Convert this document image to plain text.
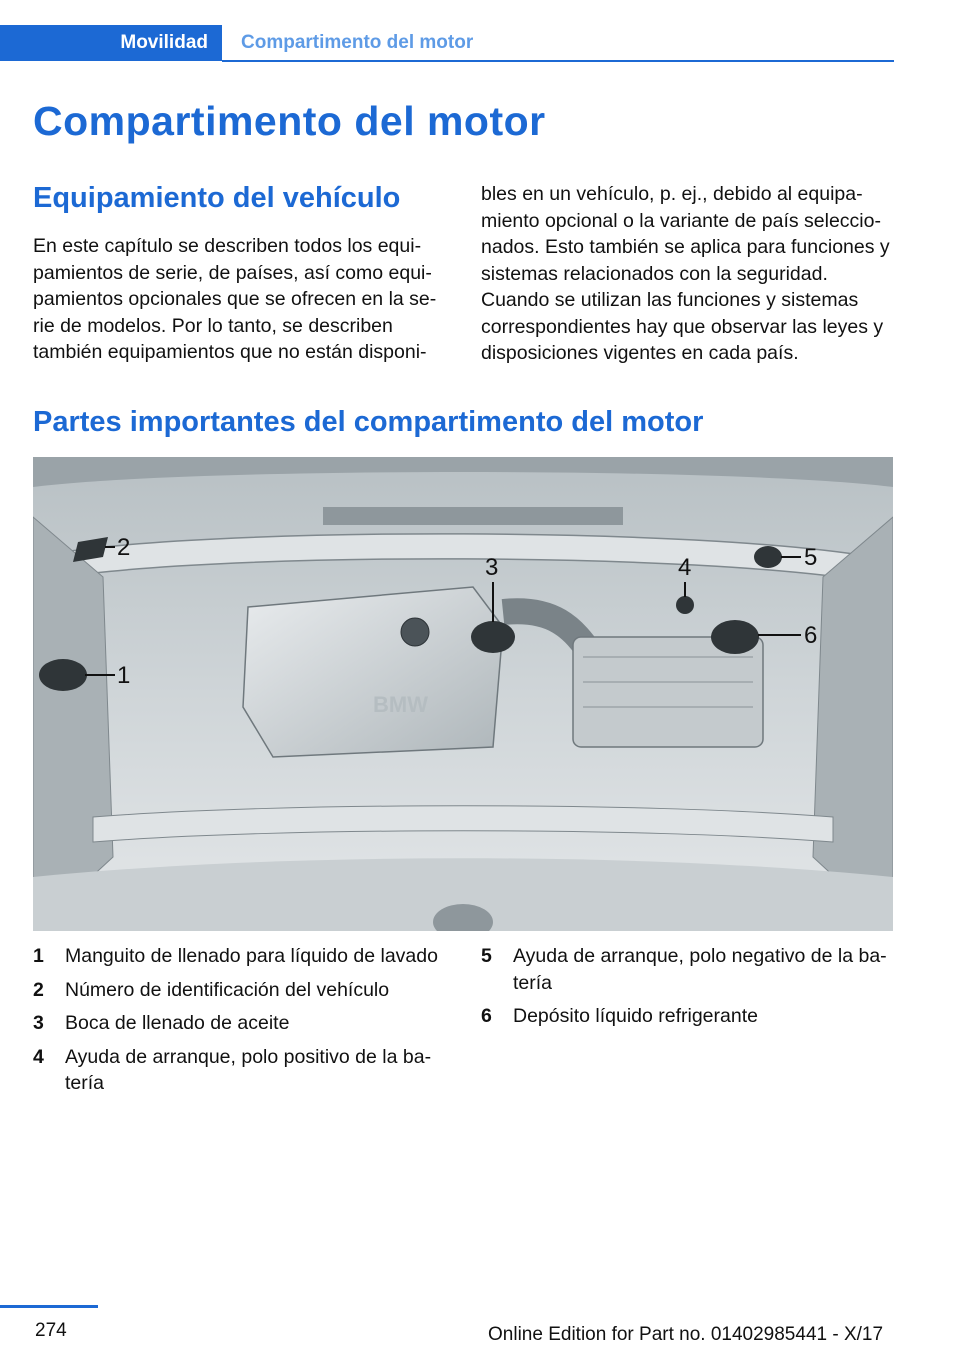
Movilidad	Compartimento del motor
Compartimento del motor
Equipamiento del vehículo

En este capítulo se describen todos los equi-pamientos de serie, de países, así como equi-pamientos opcionales que se ofrecen en la se-rie de modelos. Por lo tanto, se describen también equipamientos que no están disponi-

bles en un vehículo, p. ej., debido al equipa-miento opcional o la variante de país seleccio-nados. Esto también se aplica para funciones y sistemas relacionados con la seguridad.

Cuando se utilizan las funciones y sistemas correspondientes hay que observar las leyes y disposiciones vigentes en cada país.

Partes importantes del compartimento del motor
BMW
1
2
3	4	5
6
1	Manguito de llenado para líquido de lavado
2	Número de identificación del vehículo
3	Boca de llenado de aceite
4	Ayuda de arranque, polo positivo de la ba-tería
5	Ayuda de arranque, polo negativo de la ba-tería
6	Depósito líquido refrigerante
274	Online Edition for Part no. 01402985441 - X/17
